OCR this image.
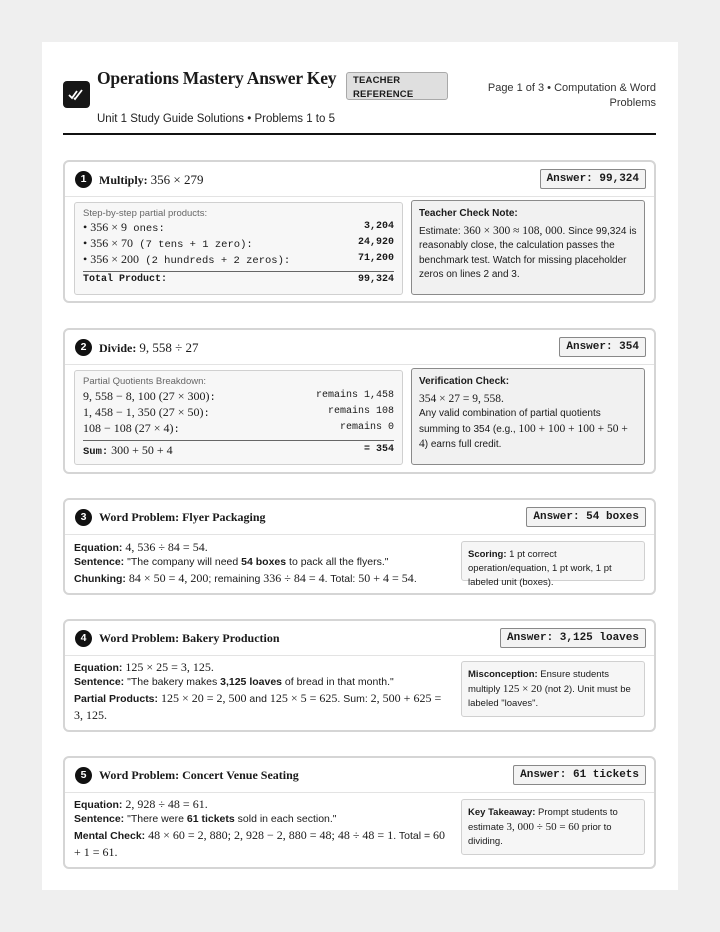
Operations Mastery Answer Key
Unit 1 Study Guide Solutions • Problems 1 to 5
TEACHER
REFERENCE	Page 1 of 3 • Computation & Word Problems
1	Multiply: 356 × 279	Answer: 99,324
Step-by-step partial products:
• 356 × 9 ones:	3,204
• 356 × 70 (7 tens + 1 zero):	24,920
• 356 × 200 (2 hundreds + 2 zeros):	71,200
Total Product:	99,324
Teacher Check Note:
Estimate: 360 × 300 ≈ 108, 000. Since 99,324 is reasonably close, the calculation passes the benchmark test. Watch for missing placeholder zeros on lines 2 and 3.
2	Divide: 9, 558 ÷ 27	Answer: 354
Partial Quotients Breakdown:
9, 558 − 8, 100 (27 × 300):	remains 1,458
1, 458 − 1, 350 (27 × 50):	remains 108
108 − 108 (27 × 4):	remains 0
Sum: 300 + 50 + 4	= 354
Verification Check:
354 × 27 = 9, 558.
Any valid combination of partial quotients summing to 354 (e.g., 100 + 100 + 100 + 50 + 4) earns full credit.
3	Word Problem: Flyer Packaging	Answer: 54 boxes
Equation: 4, 536 ÷ 84 = 54.
Sentence: "The company will need 54 boxes to pack all the flyers."
Chunking: 84 × 50 = 4, 200; remaining 336 ÷ 84 = 4. Total: 50 + 4 = 54.
Scoring: 1 pt correct operation/equation, 1 pt work, 1 pt labeled unit (boxes).
4	Word Problem: Bakery Production	Answer: 3,125 loaves
Equation: 125 × 25 = 3, 125.
Sentence: "The bakery makes 3,125 loaves of bread in that month."
Partial Products: 125 × 20 = 2, 500 and 125 × 5 = 625. Sum: 2, 500 + 625 = 3, 125.
Misconception: Ensure students multiply 125 × 20 (not 2). Unit must be labeled "loaves".
5	Word Problem: Concert Venue Seating	Answer: 61 tickets
Equation: 2, 928 ÷ 48 = 61.
Sentence: "There were 61 tickets sold in each section."
Mental Check: 48 × 60 = 2, 880; 2, 928 − 2, 880 = 48; 48 ÷ 48 = 1. Total = 60 + 1 = 61.
Key Takeaway: Prompt students to estimate 3, 000 ÷ 50 = 60 prior to dividing.
